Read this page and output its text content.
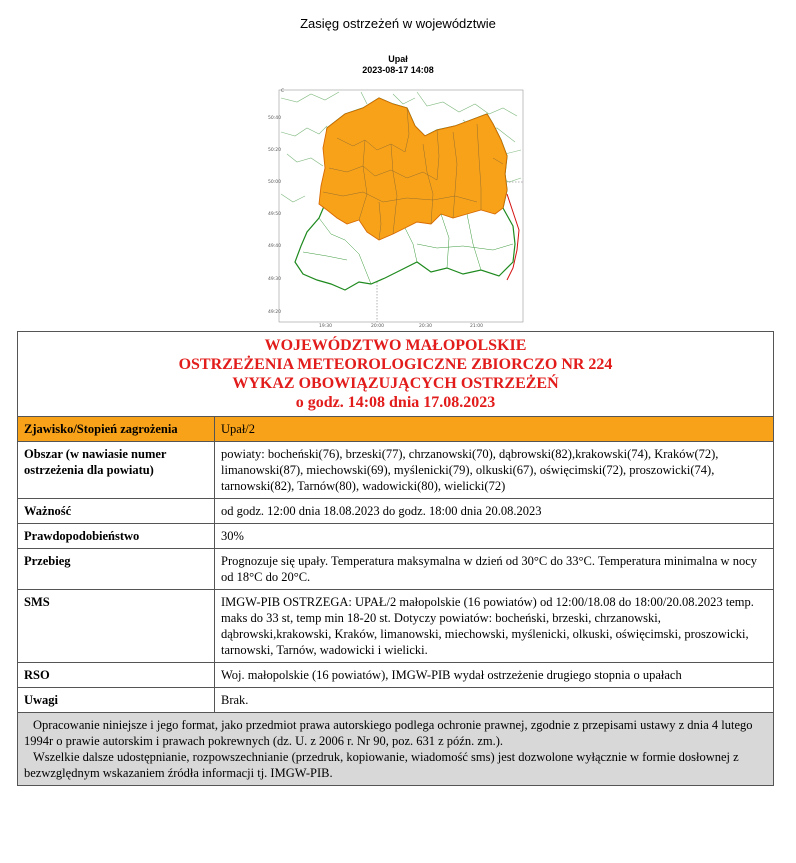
Zasięg ostrzeżeń w województwie
Upał
2023-08-17 14:08
C
50:40
50:20
50:00
49:50
49:40
49:30
49:20
19:30	20:00	20:30	21:00
WOJEWÓDZTWO MAŁOPOLSKIE
OSTRZEŻENIA METEOROLOGICZNE ZBIORCZO NR 224
WYKAZ OBOWIĄZUJĄCYCH OSTRZEŻEŃ
o godz. 14:08 dnia 17.08.2023	

Zjawisko/Stopień zagrożenia	Upał/2
Obszar (w nawiasie numer ostrzeżenia dla powiatu)	powiaty: bocheński(76), brzeski(77), chrzanowski(70), dąbrowski(82),krakowski(74), Kraków(72), limanowski(87), miechowski(69), myślenicki(79), olkuski(67), oświęcimski(72), proszowicki(74), tarnowski(82), Tarnów(80), wadowicki(80), wielicki(72)
Ważność	od godz. 12:00 dnia 18.08.2023 do godz. 18:00 dnia 20.08.2023
Prawdopodobieństwo	30%
Przebieg	Prognozuje się upały. Temperatura maksymalna w dzień od 30°C do 33°C. Temperatura minimalna w nocy od 18°C do 20°C.
SMS	IMGW-PIB OSTRZEGA: UPAŁ/2 małopolskie (16 powiatów) od 12:00/18.08 do 18:00/20.08.2023 temp. maks do 33 st, temp min 18-20 st. Dotyczy powiatów: bocheński, brzeski, chrzanowski, dąbrowski,krakowski, Kraków, limanowski, miechowski, myślenicki, olkuski, oświęcimski, proszowicki, tarnowski, Tarnów, wadowicki i wielicki.
RSO	Woj. małopolskie (16 powiatów), IMGW-PIB wydał ostrzeżenie drugiego stopnia o upałach
Uwagi	Brak.

Opracowanie niniejsze i jego format, jako przedmiot prawa autorskiego podlega ochronie prawnej, zgodnie z przepisami ustawy z dnia 4 lutego 1994r o prawie autorskim i prawach pokrewnych (dz. U. z 2006 r. Nr 90, poz. 631 z późn. zm.).

Wszelkie dalsze udostępnianie, rozpowszechnianie (przedruk, kopiowanie, wiadomość sms) jest dozwolone wyłącznie w formie dosłownej z bezwzględnym wskazaniem źródła informacji tj. IMGW-PIB.	
